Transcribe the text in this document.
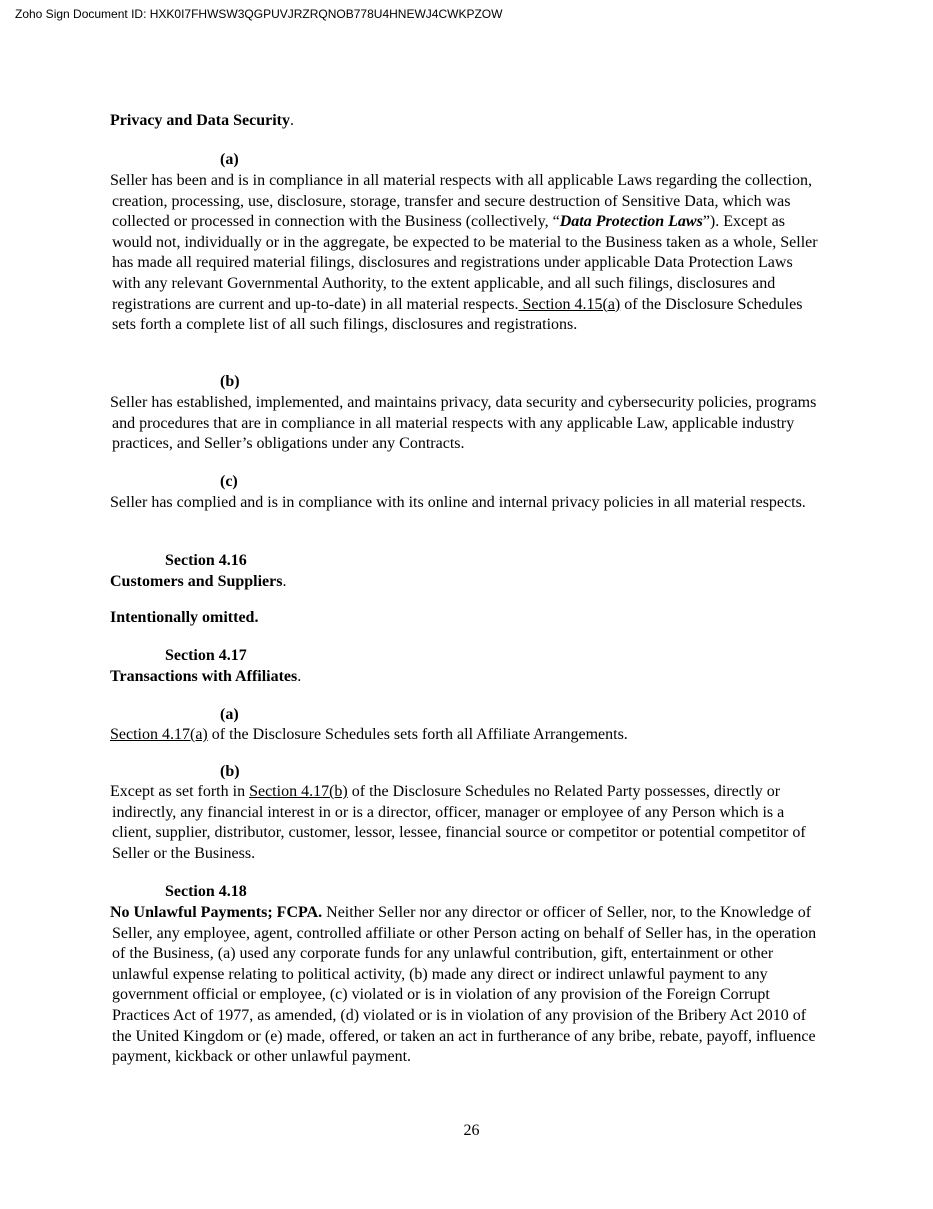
Zoho Sign Document ID: HXK0I7FHWSW3QGPUVJRZRQNOB778U4HNEWJ4CWKPZOW
Privacy and Data Security.
(a)

Seller has been and is in compliance in all material respects with all applicable Laws regarding the collection, creation, processing, use, disclosure, storage, transfer and secure destruction of Sensitive Data, which was collected or processed in connection with the Business (collectively, “Data Protection Laws”). Except as would not, individually or in the aggregate, be expected to be material to the Business taken as a whole, Seller has made all required material filings, disclosures and registrations under applicable Data Protection Laws with any relevant Governmental Authority, to the extent applicable, and all such filings, disclosures and registrations are current and up-to-date) in all material respects. Section 4.15(a) of the Disclosure Schedules sets forth a complete list of all such filings, disclosures and registrations.

(b)

Seller has established, implemented, and maintains privacy, data security and cybersecurity policies, programs and procedures that are in compliance in all material respects with any applicable Law, applicable industry practices, and Seller’s obligations under any Contracts.

(c)

Seller has complied and is in compliance with its online and internal privacy policies in all material respects.

Section 4.16
Customers and Suppliers.
Intentionally omitted.
Section 4.17
Transactions with Affiliates.
(a)

Section 4.17(a) of the Disclosure Schedules sets forth all Affiliate Arrangements.

(b)

Except as set forth in Section 4.17(b) of the Disclosure Schedules no Related Party possesses, directly or indirectly, any financial interest in or is a director, officer, manager or employee of any Person which is a client, supplier, distributor, customer, lessor, lessee, financial source or competitor or potential competitor of Seller or the Business.

Section 4.18

No Unlawful Payments; FCPA. Neither Seller nor any director or officer of Seller, nor, to the Knowledge of Seller, any employee, agent, controlled affiliate or other Person acting on behalf of Seller has, in the operation of the Business, (a) used any corporate funds for any unlawful contribution, gift, entertainment or other unlawful expense relating to political activity, (b) made any direct or indirect unlawful payment to any government official or employee, (c) violated or is in violation of any provision of the Foreign Corrupt Practices Act of 1977, as amended, (d) violated or is in violation of any provision of the Bribery Act 2010 of the United Kingdom or (e) made, offered, or taken an act in furtherance of any bribe, rebate, payoff, influence payment, kickback or other unlawful payment.

26
